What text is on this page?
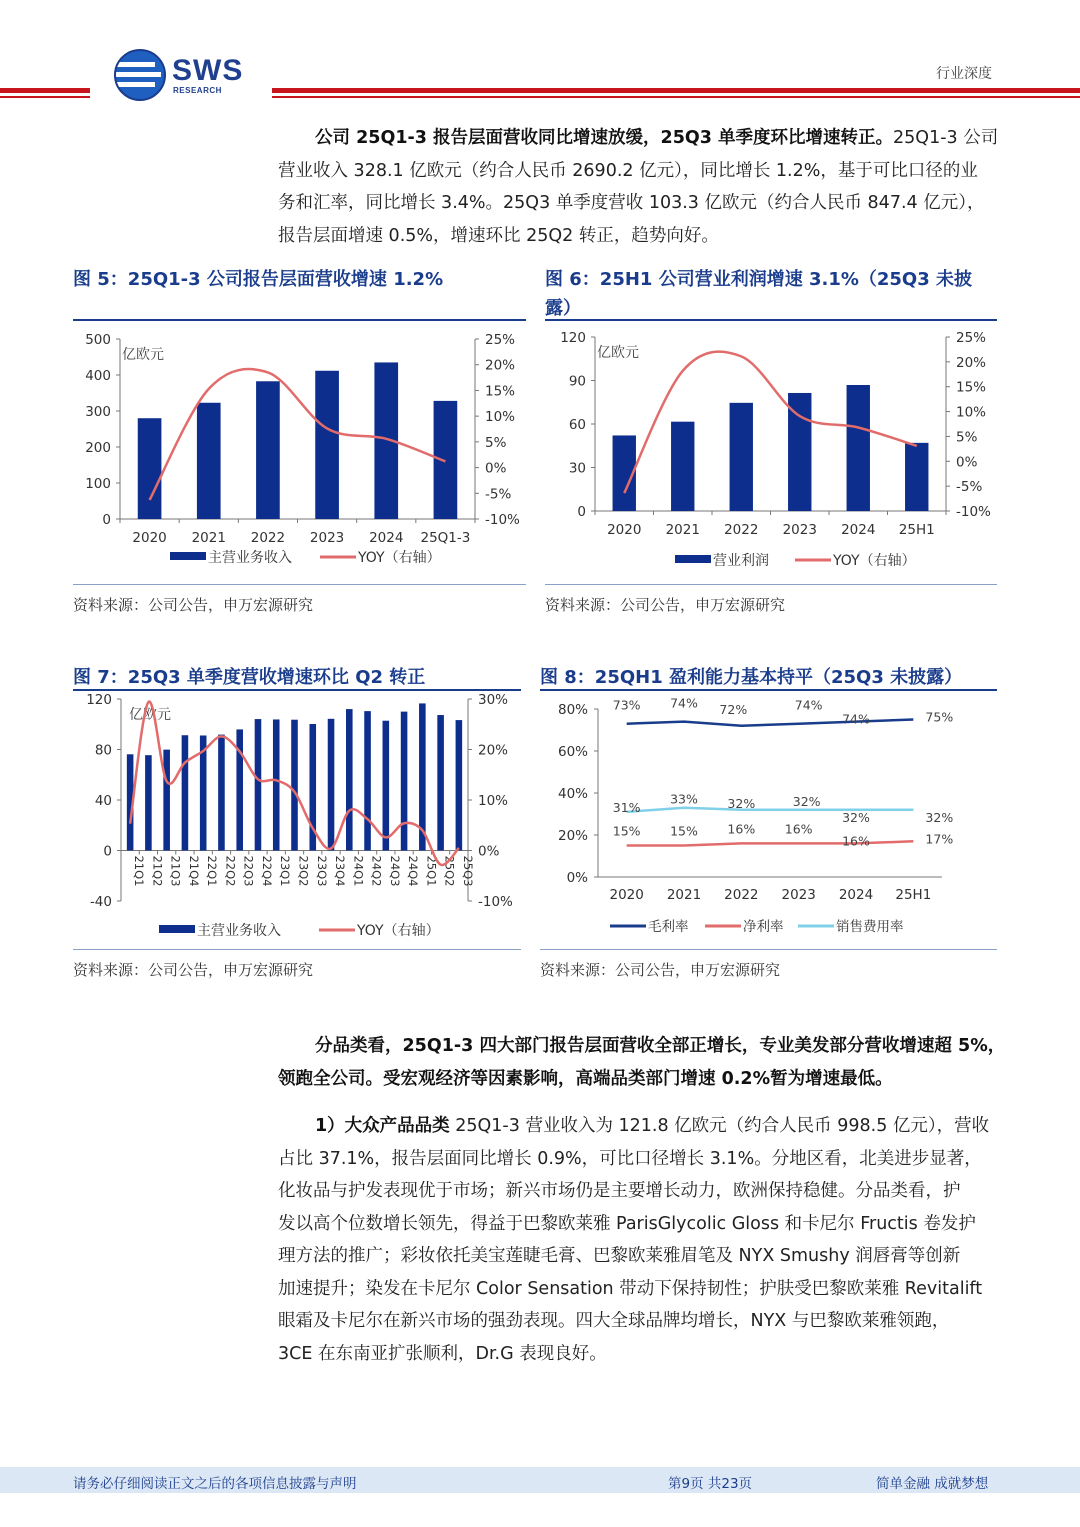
SWS
RESEARCH
行业深度
公司 25Q1-3 报告层面营收同比增速放缓，25Q3 单季度环比增速转正。25Q1-3 公司
营业收入 328.1 亿欧元（约合人民币 2690.2 亿元），同比增长 1.2%，基于可比口径的业
务和汇率，同比增长 3.4%。25Q3 单季度营收 103.3 亿欧元（约合人民币 847.4 亿元），
报告层面增速 0.5%，增速环比 25Q2 转正，趋势向好。
图 5：25Q1-3 公司报告层面营收增速 1.2%
0
100
200
300
400
500
-10%
-5%
0%
5%
10%
15%
20%
25%
2020 2021 2022 2023 2024 25Q1-3
亿欧元
主营业务收入	YOY（右轴）
资料来源：公司公告，申万宏源研究
图 6：25H1 公司营业利润增速 3.1%（25Q3 未披
露）
0
30
60
90
120
-10%
-5%
0%
5%
10%
15%
20%
25%
2020 2021 2022 2023 2024 25H1
亿欧元
营业利润	YOY（右轴）
资料来源：公司公告，申万宏源研究
图 7：25Q3 单季度营收增速环比 Q2 转正
-40
0
40
80
120
-10%
0%
10%
20%
30%
21Q1 21Q2 21Q3 21Q4 22Q1 22Q2 22Q3 22Q4 23Q1 23Q2 23Q3 23Q4 24Q1 24Q2 24Q3 24Q4 25Q1 25Q2 25Q3
亿欧元
主营业务收入	YOY（右轴）
资料来源：公司公告，申万宏源研究
图 8：25QH1 盈利能力基本持平（25Q3 未披露）
0%
20%
40%
60%
80%
2020 2021 2022 2023 2024 25H1
73% 74% 72%	74%
74%	75%
31%
33% 32%	32%
32%	32%
15% 15% 16% 16%
16%	17%
毛利率	净利率	销售费用率
资料来源：公司公告，申万宏源研究
分品类看，25Q1-3 四大部门报告层面营收全部正增长，专业美发部分营收增速超 5%，
领跑全公司。受宏观经济等因素影响，高端品类部门增速 0.2%暂为增速最低。
1）大众产品品类 25Q1-3 营业收入为 121.8 亿欧元（约合人民币 998.5 亿元），营收
占比 37.1%，报告层面同比增长 0.9%，可比口径增长 3.1%。分地区看，北美进步显著，
化妆品与护发表现优于市场；新兴市场仍是主要增长动力，欧洲保持稳健。分品类看，护
发以高个位数增长领先，得益于巴黎欧莱雅 ParisGlycolic Gloss 和卡尼尔 Fructis 卷发护
理方法的推广；彩妆依托美宝莲睫毛膏、巴黎欧莱雅眉笔及 NYX Smushy 润唇膏等创新
加速提升；染发在卡尼尔 Color Sensation 带动下保持韧性；护肤受巴黎欧莱雅 Revitalift
眼霜及卡尼尔在新兴市场的强劲表现。四大全球品牌均增长，NYX 与巴黎欧莱雅领跑，
3CE 在东南亚扩张顺利，Dr.G 表现良好。
请务必仔细阅读正文之后的各项信息披露与声明	第9页 共23页	简单金融 成就梦想
